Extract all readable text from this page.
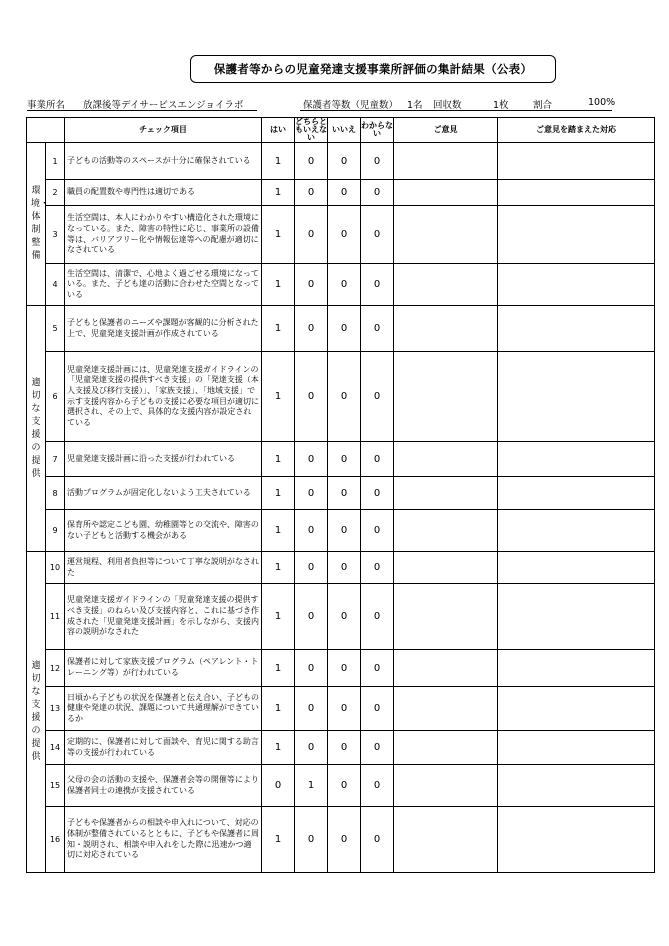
保護者等からの児童発達支援事業所評価の集計結果（公表）
事業所名 放課後等デイサービスエンジョイラボ	保護者等数（児童数） 1名 回収数	1枚	割合	100%
		チェック項目	はい	どちらともいえない	いいえ	わからない	ご意見	ご意見を踏まえた対応
環境・体制整備	1	子どもの活動等のスペースが十分に確保されている	1	0	0	0		
	2	職員の配置数や専門性は適切である	1	0	0	0		
	3	生活空間は、本人にわかりやすい構造化された環境になっている。また、障害の特性に応じ、事業所の設備等は、バリアフリー化や情報伝達等への配慮が適切になされている	1	0	0	0		
	4	生活空間は、清潔で、心地よく過ごせる環境になっている。また、子ども達の活動に合わせた空間となっている	1	0	0	0		
適切な支援の提供	5	子どもと保護者のニーズや課題が客観的に分析された上で、児童発達支援計画が作成されている	1	0	0	0		
	6	児童発達支援計画には、児童発達支援ガイドラインの「児童発達支援の提供すべき支援」の「発達支援（本人支援及び移行支援）」、「家族支援」、「地域支援」で示す支援内容から子どもの支援に必要な項目が適切に選択され、その上で、具体的な支援内容が設定されている	1	0	0	0		
	7	児童発達支援計画に沿った支援が行われている	1	0	0	0		
	8	活動プログラムが固定化しないよう工夫されている	1	0	0	0		
	9	保育所や認定こども園、幼稚園等との交流や、障害のない子どもと活動する機会がある	1	0	0	0		
適切な支援の提供	10	運営規程、利用者負担等について丁寧な説明がなされた	1	0	0	0		
	11	児童発達支援ガイドラインの「児童発達支援の提供すべき支援」のねらい及び支援内容と、これに基づき作成された「児童発達支援計画」を示しながら、支援内容の説明がなされた	1	0	0	0		
	12	保護者に対して家族支援プログラム（ペアレント・トレーニング等）が行われている	1	0	0	0		
	13	日頃から子どもの状況を保護者と伝え合い、子どもの健康や発達の状況、課題について共通理解ができているか	1	0	0	0		
	14	定期的に、保護者に対して面談や、育児に関する助言等の支援が行われている	1	0	0	0		
	15	父母の会の活動の支援や、保護者会等の開催等により保護者同士の連携が支援されている	0	1	0	0		
	16	子どもや保護者からの相談や申入れについて、対応の体制が整備されているとともに、子どもや保護者に周知・説明され、相談や申入れをした際に迅速かつ適切に対応されている	1	0	0	0		
